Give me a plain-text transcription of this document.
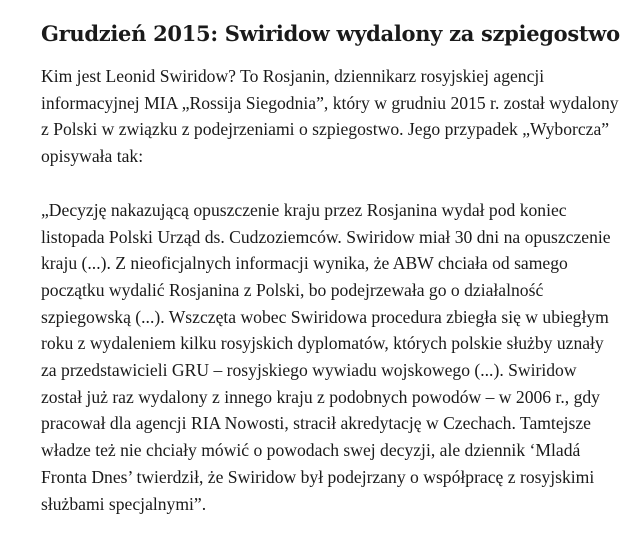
Grudzień 2015: Swiridow wydalony za szpiegostwo

Kim jest Leonid Swiridow? To Rosjanin, dziennikarz rosyjskiej agencji informacyjnej MIA „Rossija Siegodnia”, który w grudniu 2015 r. został wydalony z Polski w związku z podejrzeniami o szpiegostwo. Jego przypadek „Wyborcza” opisywała tak:

„Decyzję nakazującą opuszczenie kraju przez Rosjanina wydał pod koniec listopada Polski Urząd ds. Cudzoziemców. Swiridow miał 30 dni na opuszczenie kraju (...). Z nieoficjalnych informacji wynika, że ABW chciała od samego początku wydalić Rosjanina z Polski, bo podejrzewała go o działalność szpiegowską (...). Wszczęta wobec Swiridowa procedura zbiegła się w ubiegłym roku z wydaleniem kilku rosyjskich dyplomatów, których polskie służby uznały za przedstawicieli GRU – rosyjskiego wywiadu wojskowego (...). Swiridow został już raz wydalony z innego kraju z podobnych powodów – w 2006 r., gdy pracował dla agencji RIA Nowosti, stracił akredytację w Czechach. Tamtejsze władze też nie chciały mówić o powodach swej decyzji, ale dziennik ‘Mladá Fronta Dnes’ twierdził, że Swiridow był podejrzany o współpracę z rosyjskimi służbami specjalnymi”.
